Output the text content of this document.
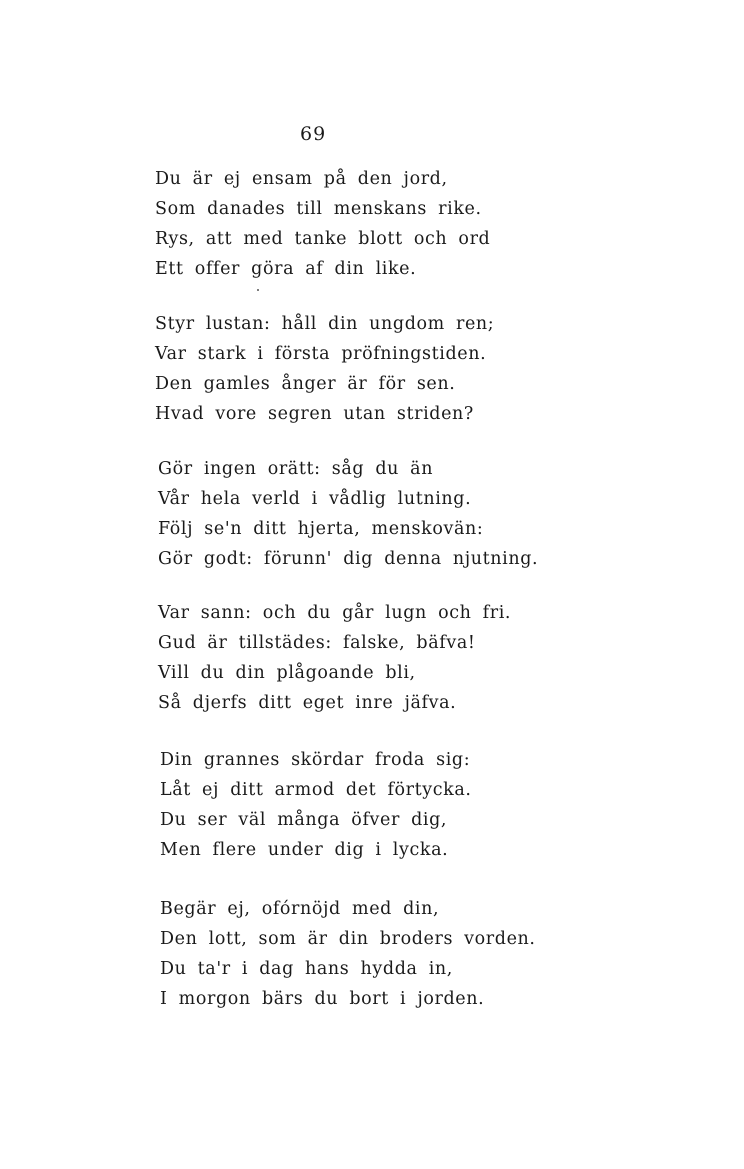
69
Du är ej ensam på den jord,
Som danades till menskans rike.
Rys, att med tanke blott och ord
Ett offer göra af din like.
Styr lustan: håll din ungdom ren;
Var stark i första pröfningstiden.
Den gamles ånger är för sen.
Hvad vore segren utan striden?
Gör ingen orätt: såg du än
Vår hela verld i vådlig lutning.
Följ se'n ditt hjerta, menskovän:
Gör godt: förunn' dig denna njutning.
Var sann: och du går lugn och fri.
Gud är tillstädes: falske, bäfva!
Vill du din plågoande bli,
Så djerfs ditt eget inre jäfva.
Din grannes skördar froda sig:
Låt ej ditt armod det förtycka.
Du ser väl många öfver dig,
Men flere under dig i lycka.
Begär ej, ofórnöjd med din,
Den lott, som är din broders vorden.
Du ta'r i dag hans hydda in,
I morgon bärs du bort i jorden.
